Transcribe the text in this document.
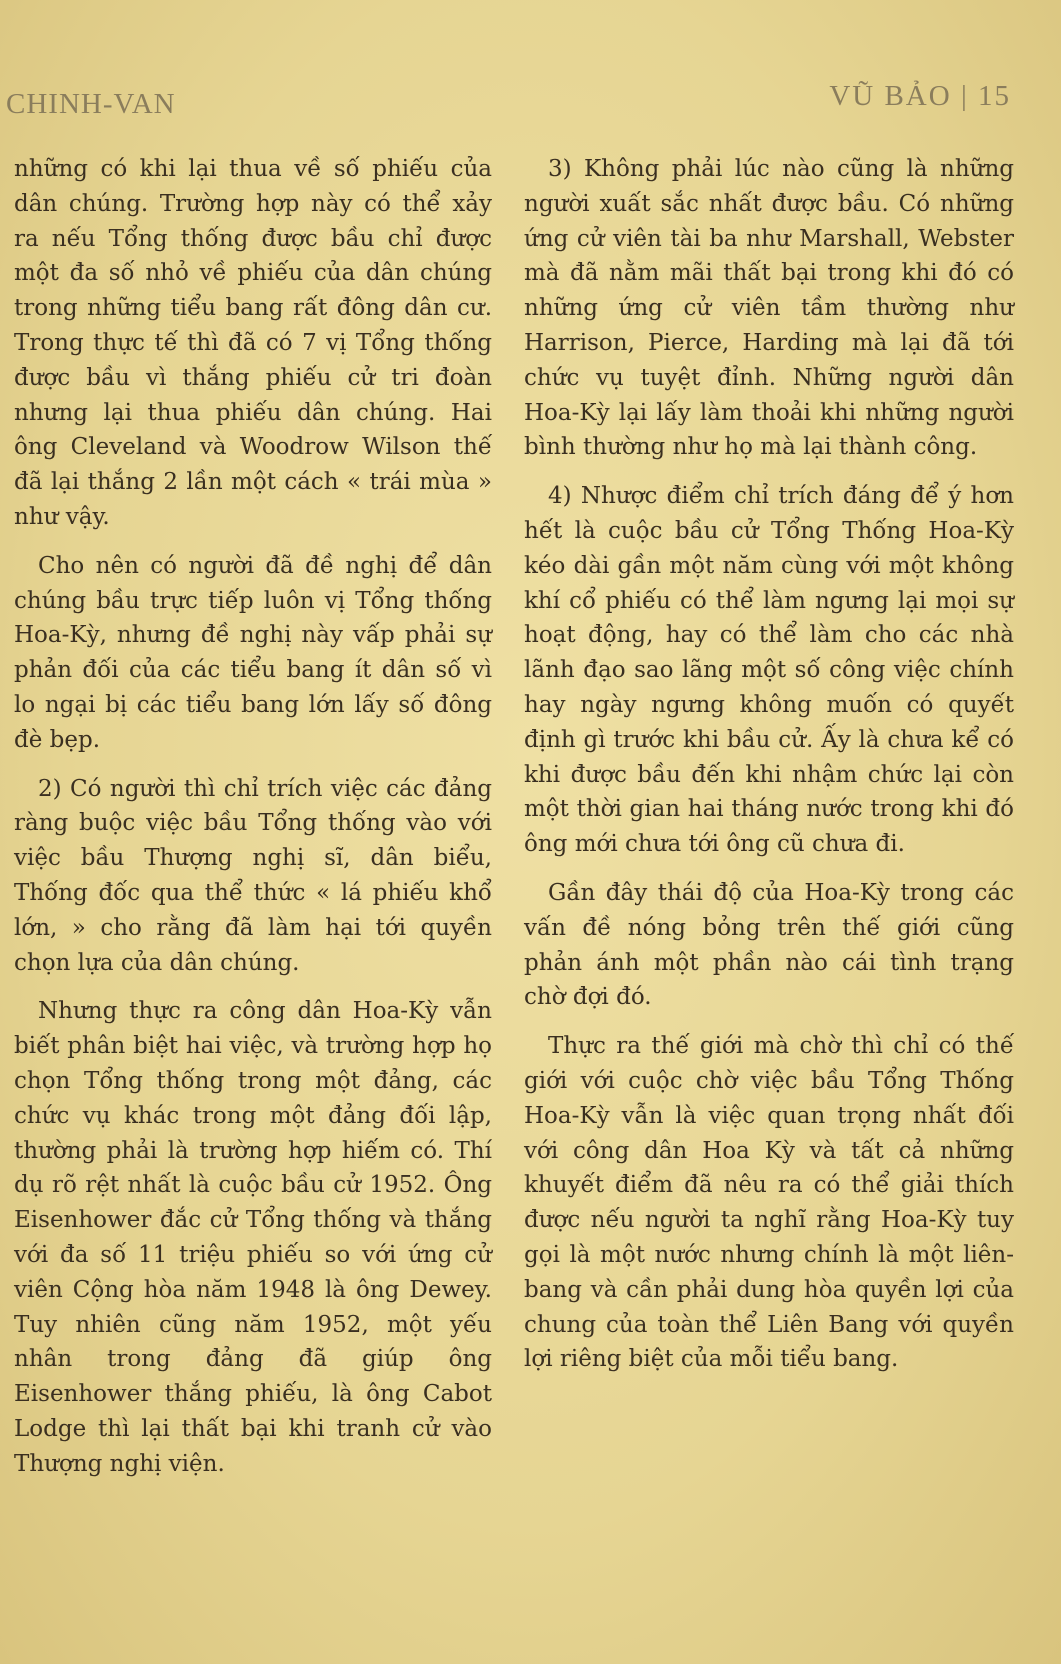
CHINH-VAN	VŨ BẢO | 15

những có khi lại thua về số phiếu của dân chúng. Trường hợp này có thể xảy ra nếu Tổng thống được bầu chỉ được một đa số nhỏ về phiếu của dân chúng trong những tiểu bang rất đông dân cư. Trong thực tế thì đã có 7 vị Tổng thống được bầu vì thắng phiếu cử tri đoàn nhưng lại thua phiếu dân chúng. Hai ông Cleveland và Woodrow Wilson thế đã lại thắng 2 lần một cách « trái mùa » như vậy.

Cho nên có người đã đề nghị để dân chúng bầu trực tiếp luôn vị Tổng thống Hoa-Kỳ, nhưng đề nghị này vấp phải sự phản đối của các tiểu bang ít dân số vì lo ngại bị các tiểu bang lớn lấy số đông đè bẹp.

2) Có người thì chỉ trích việc các đảng ràng buộc việc bầu Tổng thống vào với việc bầu Thượng nghị sĩ, dân biểu, Thống đốc qua thể thức « lá phiếu khổ lớn, » cho rằng đã làm hại tới quyền chọn lựa của dân chúng.

Nhưng thực ra công dân Hoa-Kỳ vẫn biết phân biệt hai việc, và trường hợp họ chọn Tổng thống trong một đảng, các chức vụ khác trong một đảng đối lập, thường phải là trường hợp hiếm có. Thí dụ rõ rệt nhất là cuộc bầu cử 1952. Ông Eisenhower đắc cử Tổng thống và thắng với đa số 11 triệu phiếu so với ứng cử viên Cộng hòa năm 1948 là ông Dewey. Tuy nhiên cũng năm 1952, một yếu nhân trong đảng đã giúp ông Eisenhower thắng phiếu, là ông Cabot Lodge thì lại thất bại khi tranh cử vào Thượng nghị viện.

3) Không phải lúc nào cũng là những người xuất sắc nhất được bầu. Có những ứng cử viên tài ba như Marshall, Webster mà đã nằm mãi thất bại trong khi đó có những ứng cử viên tầm thường như Harrison, Pierce, Harding mà lại đã tới chức vụ tuyệt đỉnh. Những người dân Hoa-Kỳ lại lấy làm thoải khi những người bình thường như họ mà lại thành công.

4) Nhược điểm chỉ trích đáng để ý hơn hết là cuộc bầu cử Tổng Thống Hoa-Kỳ kéo dài gần một năm cùng với một không khí cổ phiếu có thể làm ngưng lại mọi sự hoạt động, hay có thể làm cho các nhà lãnh đạo sao lãng một số công việc chính hay ngày ngưng không muốn có quyết định gì trước khi bầu cử. Ấy là chưa kể có khi được bầu đến khi nhậm chức lại còn một thời gian hai tháng nước trong khi đó ông mới chưa tới ông cũ chưa đi.

Gần đây thái độ của Hoa-Kỳ trong các vấn đề nóng bỏng trên thế giới cũng phản ánh một phần nào cái tình trạng chờ đợi đó.

Thực ra thế giới mà chờ thì chỉ có thế giới với cuộc chờ việc bầu Tổng Thống Hoa-Kỳ vẫn là việc quan trọng nhất đối với công dân Hoa Kỳ và tất cả những khuyết điểm đã nêu ra có thể giải thích được nếu người ta nghĩ rằng Hoa-Kỳ tuy gọi là một nước nhưng chính là một liên-bang và cần phải dung hòa quyền lợi của chung của toàn thể Liên Bang với quyền lợi riêng biệt của mỗi tiểu bang.
